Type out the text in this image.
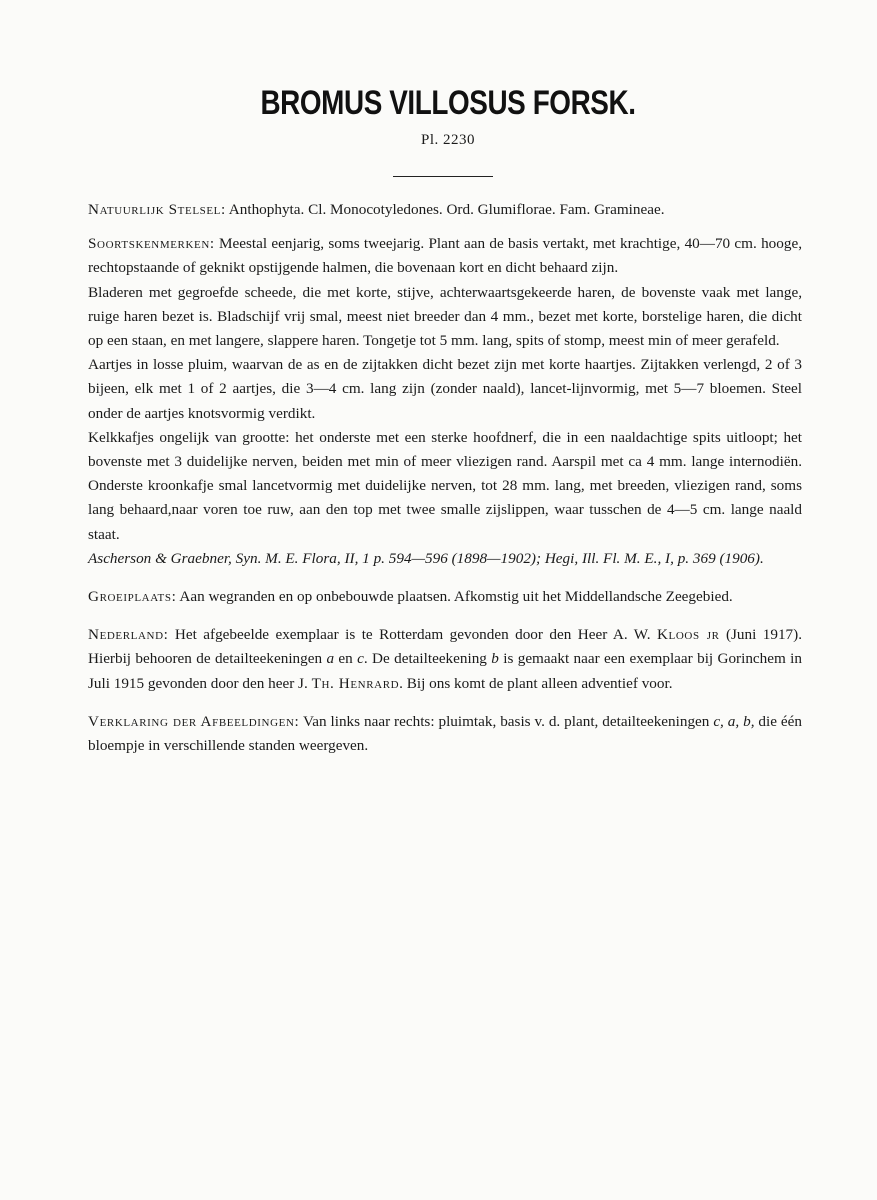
BROMUS VILLOSUS FORSK.
Pl. 2230

Natuurlijk Stelsel: Anthophyta. Cl. Monocotyledones. Ord. Glumiflorae. Fam. Gramineae.

Soortskenmerken: Meestal eenjarig, soms tweejarig. Plant aan de basis vertakt, met krachtige, 40—70 cm. hooge, rechtopstaande of geknikt opstijgende halmen, die bovenaan kort en dicht behaard zijn.

Bladeren met gegroefde scheede, die met korte, stijve, achterwaartsgekeerde haren, de bovenste vaak met lange, ruige haren bezet is. Bladschijf vrij smal, meest niet breeder dan 4 mm., bezet met korte, borstelige haren, die dicht op een staan, en met langere, slappere haren. Tongetje tot 5 mm. lang, spits of stomp, meest min of meer gerafeld.

Aartjes in losse pluim, waarvan de as en de zijtakken dicht bezet zijn met korte haartjes. Zijtakken verlengd, 2 of 3 bijeen, elk met 1 of 2 aartjes, die 3—4 cm. lang zijn (zonder naald), lancet-lijnvormig, met 5—7 bloemen. Steel onder de aartjes knotsvormig verdikt.

Kelkkafjes ongelijk van grootte: het onderste met een sterke hoofdnerf, die in een naaldachtige spits uitloopt; het bovenste met 3 duidelijke nerven, beiden met min of meer vliezigen rand. Aarspil met ca 4 mm. lange internodiën. Onderste kroonkafje smal lancetvormig met duidelijke nerven, tot 28 mm. lang, met breeden, vliezigen rand, soms lang behaard,naar voren toe ruw, aan den top met twee smalle zijslippen, waar tusschen de 4—5 cm. lange naald staat.

Ascherson & Graebner, Syn. M. E. Flora, II, 1 p. 594—596 (1898—1902); Hegi, Ill. Fl. M. E., I, p. 369 (1906).

Groeiplaats: Aan wegranden en op onbebouwde plaatsen. Afkomstig uit het Middellandsche Zeegebied.

Nederland: Het afgebeelde exemplaar is te Rotterdam gevonden door den Heer A. W. Kloos jr (Juni 1917). Hierbij behooren de detailteekeningen a en c. De detailteekening b is gemaakt naar een exemplaar bij Gorinchem in Juli 1915 gevonden door den heer J. Th. Henrard. Bij ons komt de plant alleen adventief voor.

Verklaring der Afbeeldingen: Van links naar rechts: pluimtak, basis v. d. plant, detailteekeningen c, a, b, die één bloempje in verschillende standen weergeven.
